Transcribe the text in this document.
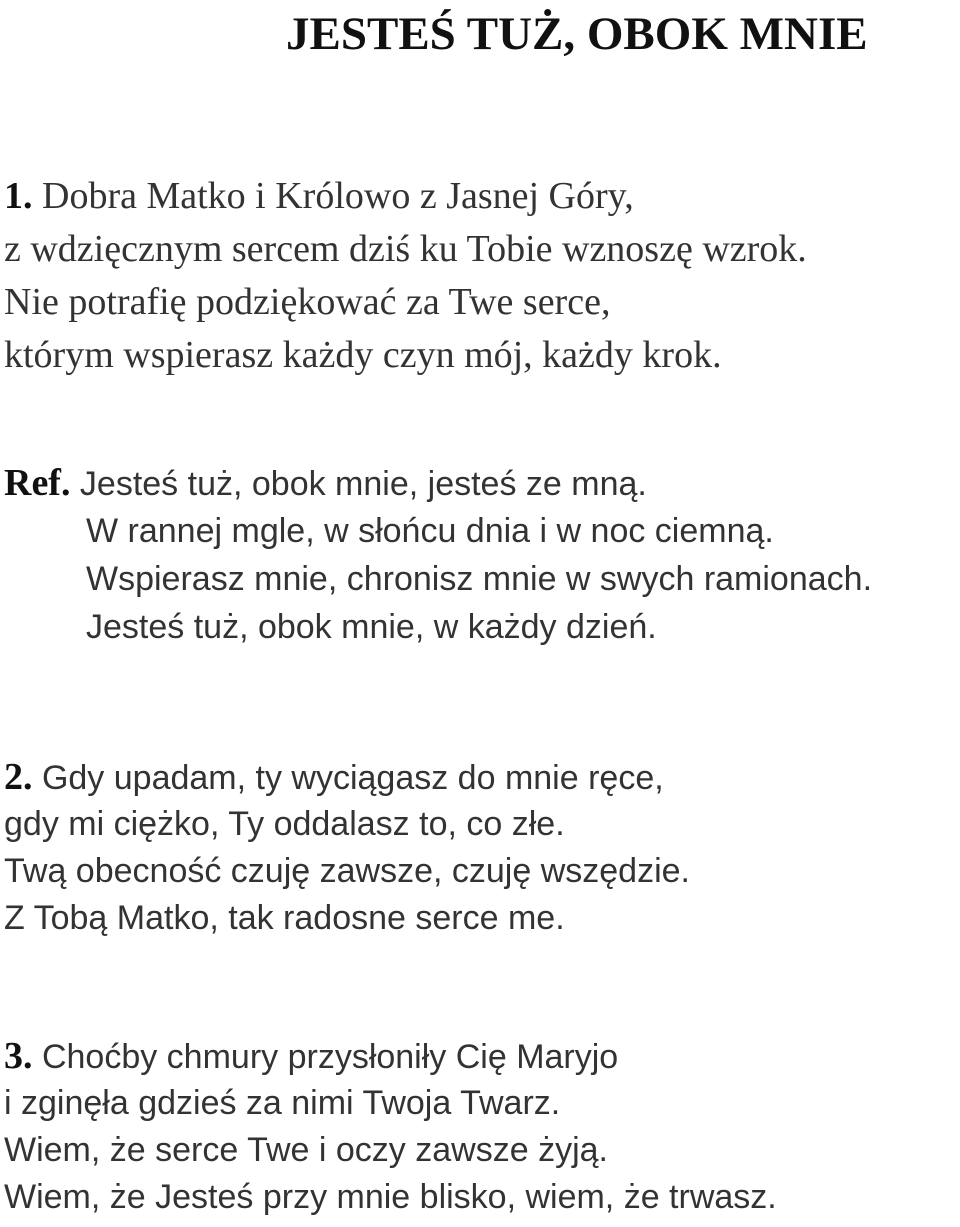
JESTEŚ TUŻ, OBOK MNIE
1. Dobra Matko i Królowo z Jasnej Góry,
z wdzięcznym sercem dziś ku Tobie wznoszę wzrok.
Nie potrafię podziękować za Twe serce,
którym wspierasz każdy czyn mój, każdy krok.
Ref. Jesteś tuż, obok mnie, jesteś ze mną.
W rannej mgle, w słońcu dnia i w noc ciemną.
Wspierasz mnie, chronisz mnie w swych ramionach.
Jesteś tuż, obok mnie, w każdy dzień.
2. Gdy upadam, ty wyciągasz do mnie ręce,
gdy mi ciężko, Ty oddalasz to, co złe.
Twą obecność czuję zawsze, czuję wszędzie.
Z Tobą Matko, tak radosne serce me.
3. Choćby chmury przysłoniły Cię Maryjo
i zginęła gdzieś za nimi Twoja Twarz.
Wiem, że serce Twe i oczy zawsze żyją.
Wiem, że Jesteś przy mnie blisko, wiem, że trwasz.
